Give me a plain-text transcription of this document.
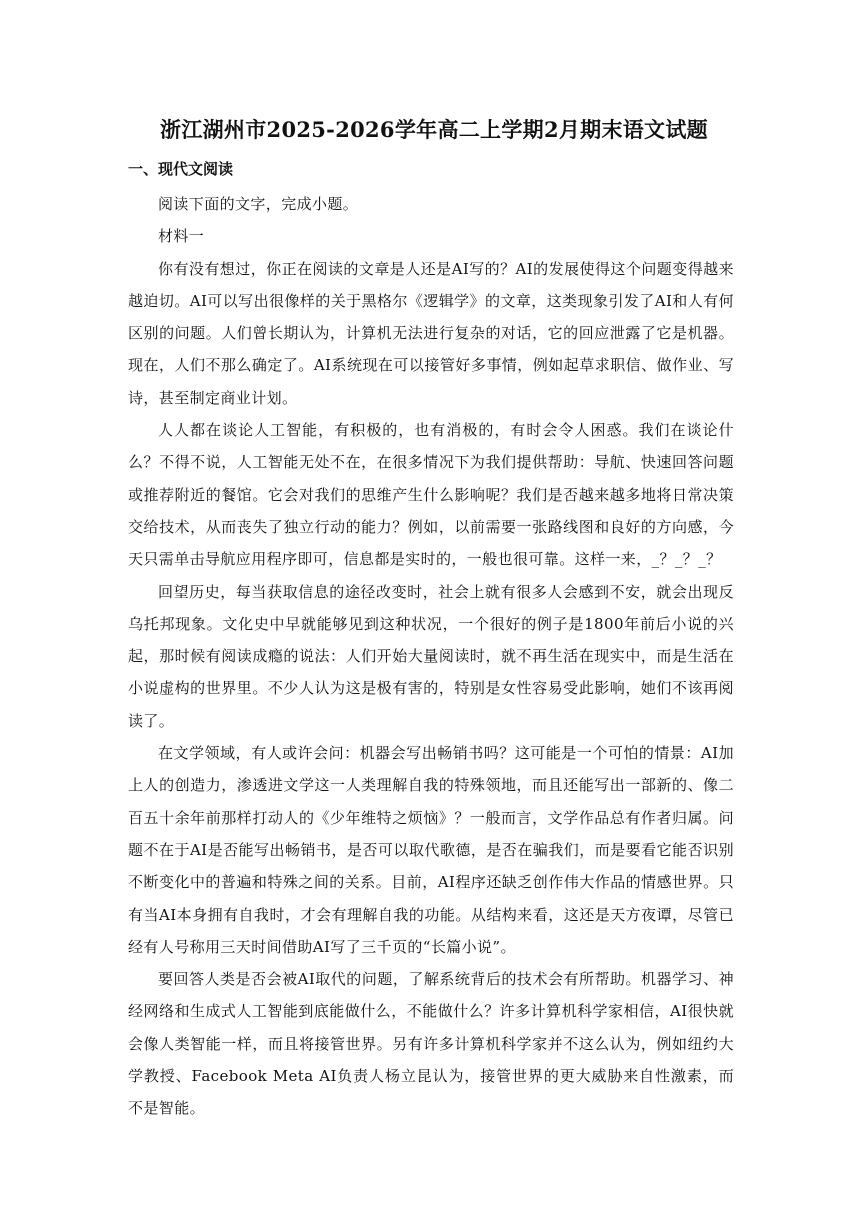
浙江湖州市2025-2026学年高二上学期2月期末语文试题
一、现代文阅读

阅读下面的文字，完成小题。

材料一

你有没有想过，你正在阅读的文章是人还是AI写的？AI的发展使得这个问题变得越来越迫切。AI可以写出很像样的关于黑格尔《逻辑学》的文章，这类现象引发了AI和人有何区别的问题。人们曾长期认为，计算机无法进行复杂的对话，它的回应泄露了它是机器。现在，人们不那么确定了。AI系统现在可以接管好多事情，例如起草求职信、做作业、写诗，甚至制定商业计划。

人人都在谈论人工智能，有积极的，也有消极的，有时会令人困惑。我们在谈论什么？不得不说，人工智能无处不在，在很多情况下为我们提供帮助：导航、快速回答问题或推荐附近的餐馆。它会对我们的思维产生什么影响呢？我们是否越来越多地将日常决策交给技术，从而丧失了独立行动的能力？例如，以前需要一张路线图和良好的方向感，今天只需单击导航应用程序即可，信息都是实时的，一般也很可靠。这样一来，_？_？_？

回望历史，每当获取信息的途径改变时，社会上就有很多人会感到不安，就会出现反乌托邦现象。文化史中早就能够见到这种状况，一个很好的例子是1800年前后小说的兴起，那时候有阅读成瘾的说法：人们开始大量阅读时，就不再生活在现实中，而是生活在小说虚构的世界里。不少人认为这是极有害的，特别是女性容易受此影响，她们不该再阅读了。

在文学领域，有人或许会问：机器会写出畅销书吗？这可能是一个可怕的情景：AI加上人的创造力，渗透进文学这一人类理解自我的特殊领地，而且还能写出一部新的、像二百五十余年前那样打动人的《少年维特之烦恼》？一般而言，文学作品总有作者归属。问题不在于AI是否能写出畅销书，是否可以取代歌德，是否在骗我们，而是要看它能否识别不断变化中的普遍和特殊之间的关系。目前，AI程序还缺乏创作伟大作品的情感世界。只有当AI本身拥有自我时，才会有理解自我的功能。从结构来看，这还是天方夜谭，尽管已经有人号称用三天时间借助AI写了三千页的“长篇小说”。

要回答人类是否会被AI取代的问题，了解系统背后的技术会有所帮助。机器学习、神经网络和生成式人工智能到底能做什么，不能做什么？许多计算机科学家相信，AI很快就会像人类智能一样，而且将接管世界。另有许多计算机科学家并不这么认为，例如纽约大学教授、Facebook Meta AI负责人杨立昆认为，接管世界的更大威胁来自性激素，而不是智能。
